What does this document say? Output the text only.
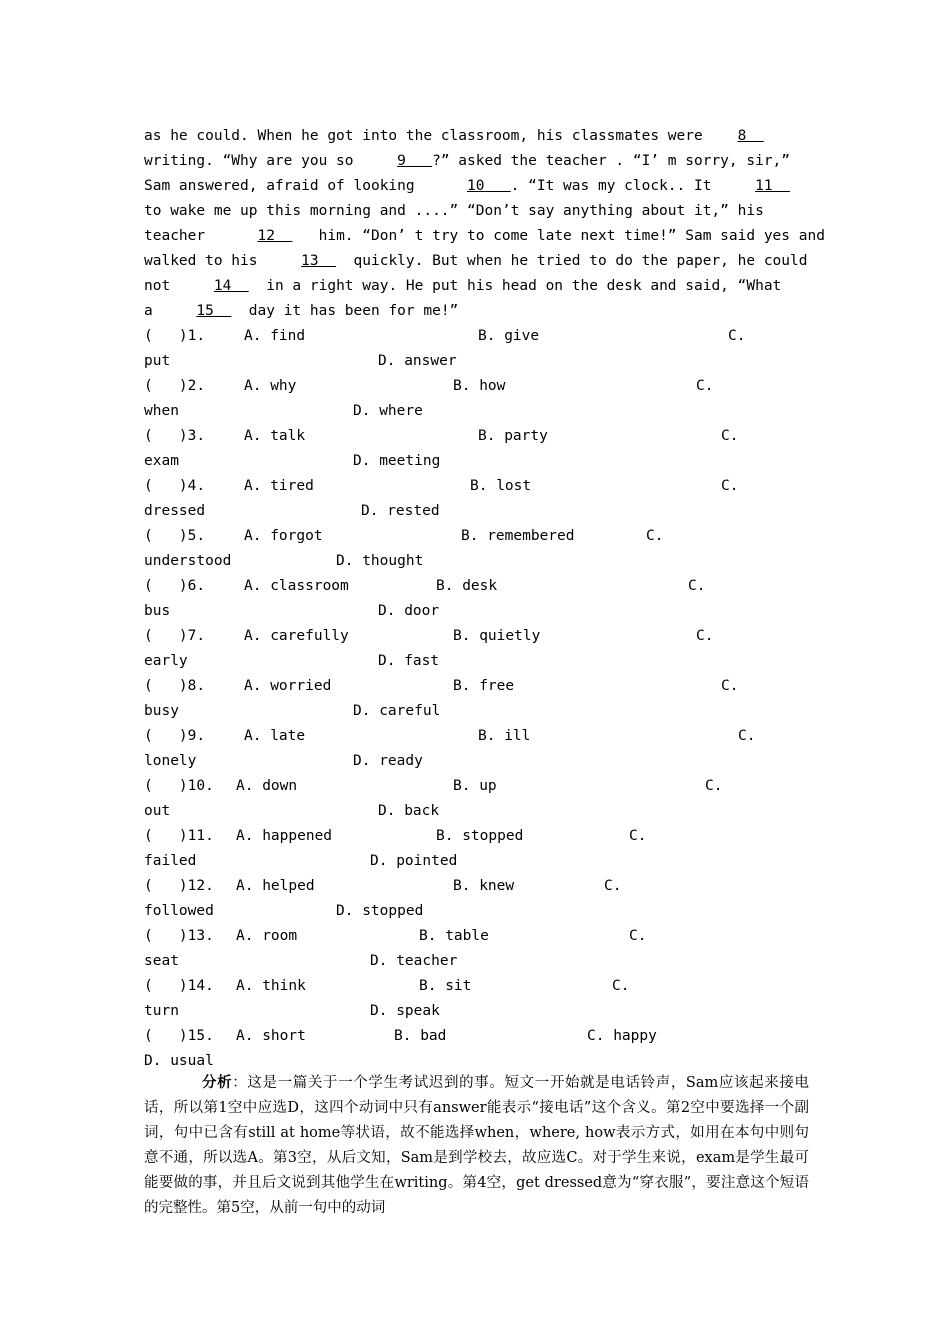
as he could. When he got into the classroom, his classmates were    8
writing. “Why are you so     9   ?” asked the teacher . “I’ m sorry, sir,”
Sam answered, afraid of looking      10   . “It was my clock.. It     11
to wake me up this morning and ....” “Don’t say anything about it,” his
teacher      12     him. “Don’ t try to come late next time!” Sam said yes and
walked to his     13    quickly. But when he tried to do the paper, he could
not     14    in a right way. He put his head on the desk and said, “What
a     15    day it has been for me!”
(   )1.	A. find	B. give	C.
put	D. answer
(   )2.	A. why	B. how	C.
when	D. where
(   )3.	A. talk	B. party	C.
exam	D. meeting
(   )4.	A. tired	B. lost	C.
dressed	D. rested
(   )5.	A. forgot	B. remembered	C.
understood	D. thought
(   )6.	A. classroom	B. desk	C.
bus	D. door
(   )7.	A. carefully	B. quietly	C.
early	D. fast
(   )8.	A. worried	B. free	C.
busy	D. careful
(   )9.	A. late	B. ill	C.
lonely	D. ready
(   )10. A. down	B. up	C.
out	D. back
(   )11. A. happened	B. stopped	C.
failed	D. pointed
(   )12. A. helped	B. knew	C.
followed	D. stopped
(   )13. A. room	B. table	C.
seat	D. teacher
(   )14. A. think	B. sit	C.
turn	D. speak
(   )15. A. short	B. bad	C. happy
D. usual

分析：这是一篇关于一个学生考试迟到的事。短文一开始就是电话铃声，Sam应该起来接电话，所以第1空中应选D，这四个动词中只有answer能表示“接电话”这个含义。第2空中要选择一个副词，句中已含有still at home等状语，故不能选择when，where, how表示方式，如用在本句中则句意不通，所以选A。第3空，从后文知，Sam是到学校去，故应选C。对于学生来说，exam是学生最可能要做的事，并且后文说到其他学生在writing。第4空，get dressed意为“穿衣服”，要注意这个短语的完整性。第5空，从前一句中的动词
